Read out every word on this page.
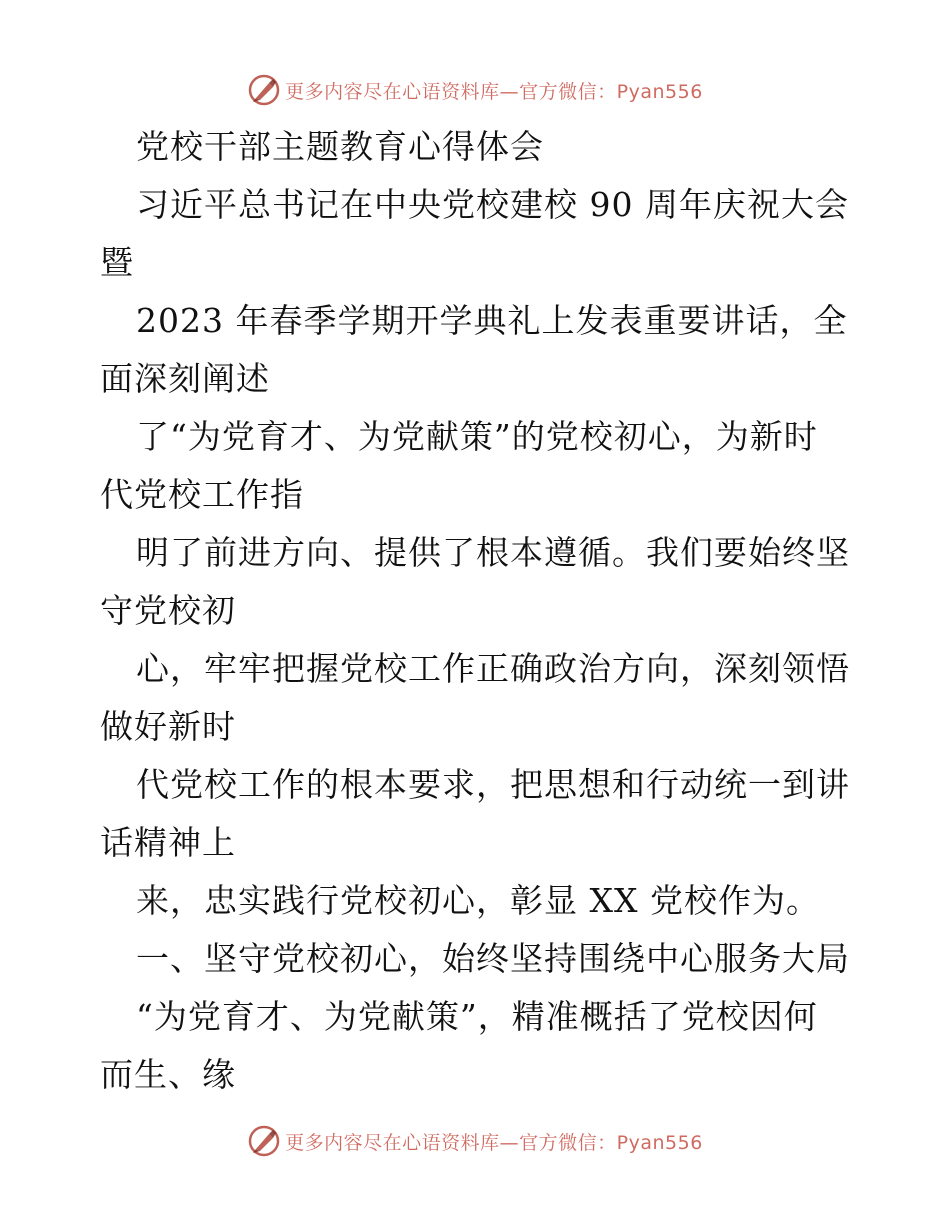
更多内容尽在心语资料库—官方微信：Pyan556
党校干部主题教育心得体会
习近平总书记在中央党校建校 90 周年庆祝大会
暨
2023 年春季学期开学典礼上发表重要讲话，全
面深刻阐述
了“为党育才、为党献策”的党校初心，为新时
代党校工作指
明了前进方向、提供了根本遵循。我们要始终坚
守党校初
心，牢牢把握党校工作正确政治方向，深刻领悟
做好新时
代党校工作的根本要求，把思想和行动统一到讲
话精神上
来，忠实践行党校初心，彰显 XX 党校作为。
一、坚守党校初心，始终坚持围绕中心服务大局
“为党育才、为党献策”，精准概括了党校因何
而生、缘
更多内容尽在心语资料库—官方微信：Pyan556
